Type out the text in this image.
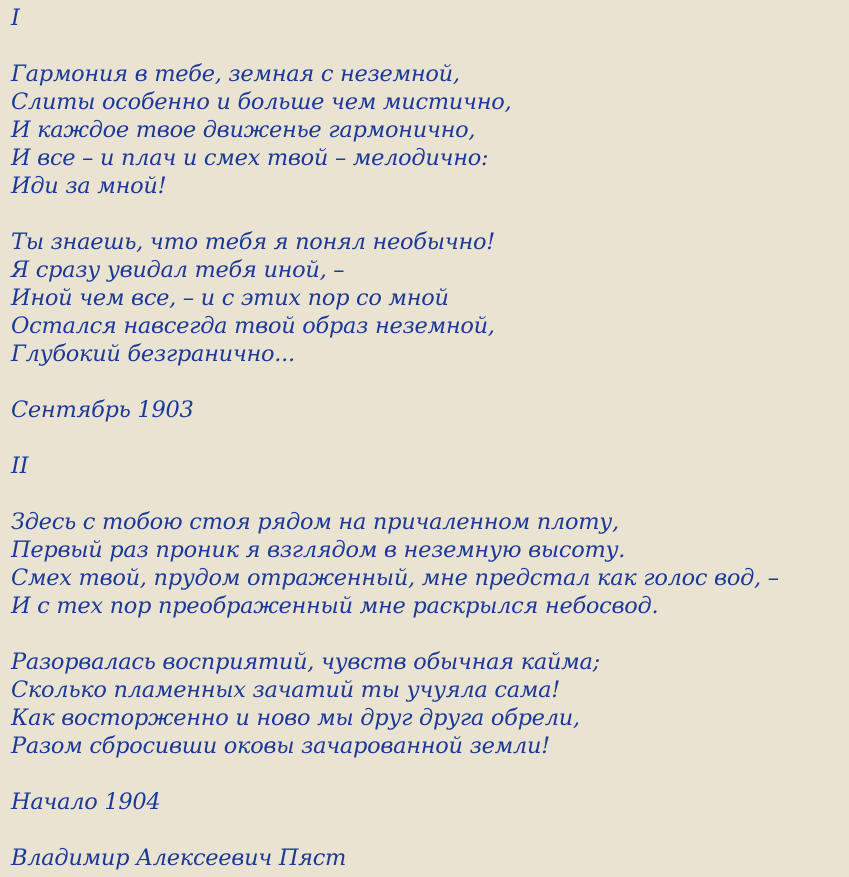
I
Гармония в тебе, земная с неземной,
Слиты особенно и больше чем мистично,
И каждое твое движенье гармонично,
И все – и плач и смех твой – мелодично:
Иди за мной!
Ты знаешь, что тебя я понял необычно!
Я сразу увидал тебя иной, –
Иной чем все, – и с этих пор со мной
Остался навсегда твой образ неземной,
Глубокий безгранично...
Сентябрь 1903
II
Здесь с тобою стоя рядом на причаленном плоту,
Первый раз проник я взглядом в неземную высоту.
Смех твой, прудом отраженный, мне предстал как голос вод, –
И с тех пор преображенный мне раскрылся небосвод.
Разорвалась восприятий, чувств обычная кайма;
Сколько пламенных зачатий ты учуяла сама!
Как восторженно и ново мы друг друга обрели,
Разом сбросивши оковы зачарованной земли!
Начало 1904
Владимир Алексеевич Пяст
